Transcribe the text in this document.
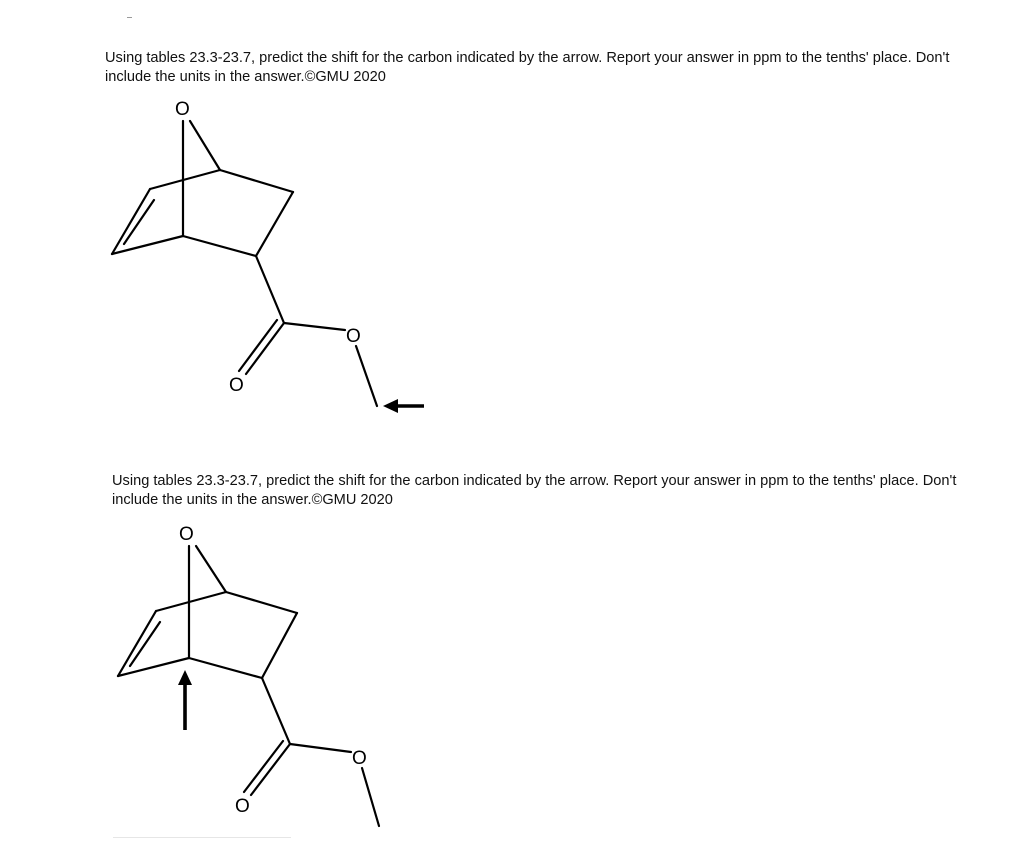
Using tables 23.3-23.7, predict the shift for the carbon indicated by the arrow. Report your answer in ppm to the tenths' place. Don't include the units in the answer.©GMU 2020

O
O
O

Using tables 23.3-23.7, predict the shift for the carbon indicated by the arrow. Report your answer in ppm to the tenths' place. Don't include the units in the answer.©GMU 2020

O
O
O
